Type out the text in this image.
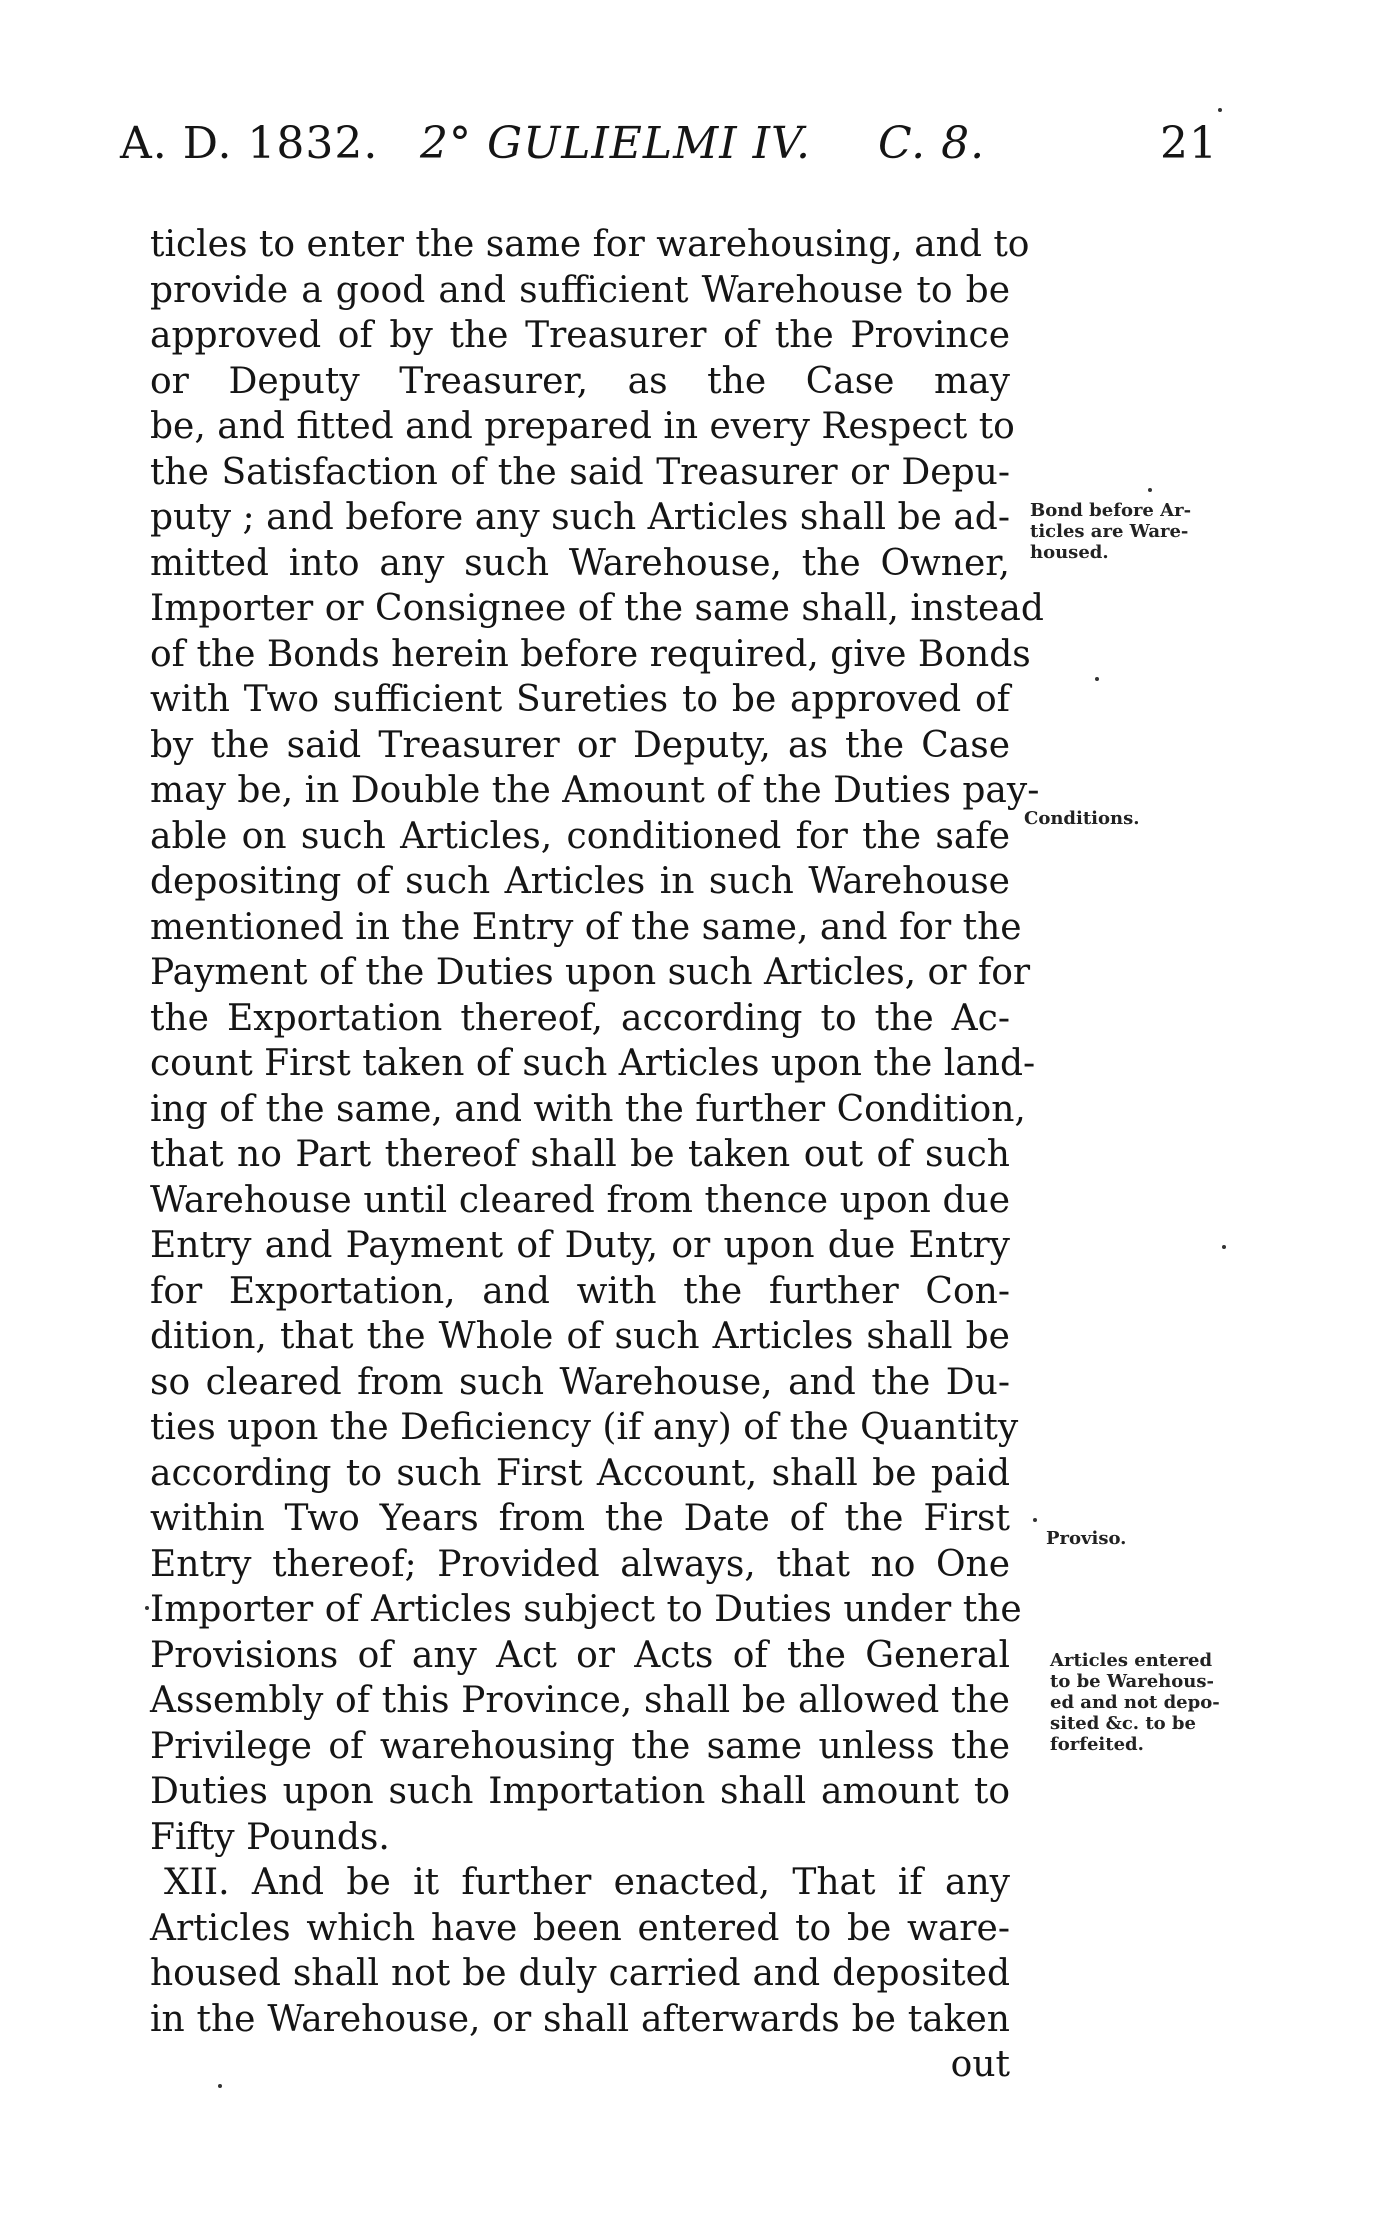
A. D. 1832. 2° GULIELMI IV. C. 8.	21
ticles to enter the same for warehousing, and to
provide a good and sufficient Warehouse to be
approved of by the Treasurer of the Province
or Deputy Treasurer, as the Case may
be, and fitted and prepared in every Respect to
the Satisfaction of the said Treasurer or Depu-
puty ; and before any such Articles shall be ad-
mitted into any such Warehouse, the Owner,
Importer or Consignee of the same shall, instead
of the Bonds herein before required, give Bonds
with Two sufficient Sureties to be approved of
by the said Treasurer or Deputy, as the Case
may be, in Double the Amount of the Duties pay-
able on such Articles, conditioned for the safe
depositing of such Articles in such Warehouse
mentioned in the Entry of the same, and for the
Payment of the Duties upon such Articles, or for
the Exportation thereof, according to the Ac-
count First taken of such Articles upon the land-
ing of the same, and with the further Condition,
that no Part thereof shall be taken out of such
Warehouse until cleared from thence upon due
Entry and Payment of Duty, or upon due Entry
for Exportation, and with the further Con-
dition, that the Whole of such Articles shall be
so cleared from such Warehouse, and the Du-
ties upon the Deficiency (if any) of the Quantity
according to such First Account, shall be paid
within Two Years from the Date of the First
Entry thereof; Provided always, that no One
Importer of Articles subject to Duties under the
Provisions of any Act or Acts of the General
Assembly of this Province, shall be allowed the
Privilege of warehousing the same unless the
Duties upon such Importation shall amount to
Fifty Pounds.
XII. And be it further enacted, That if any
Articles which have been entered to be ware-
housed shall not be duly carried and deposited
in the Warehouse, or shall afterwards be taken
out
Bond before Ar-
ticles are Ware-
housed.
Conditions.
Proviso.
Articles entered
to be Warehous-
ed and not depo-
sited &c. to be
forfeited.
